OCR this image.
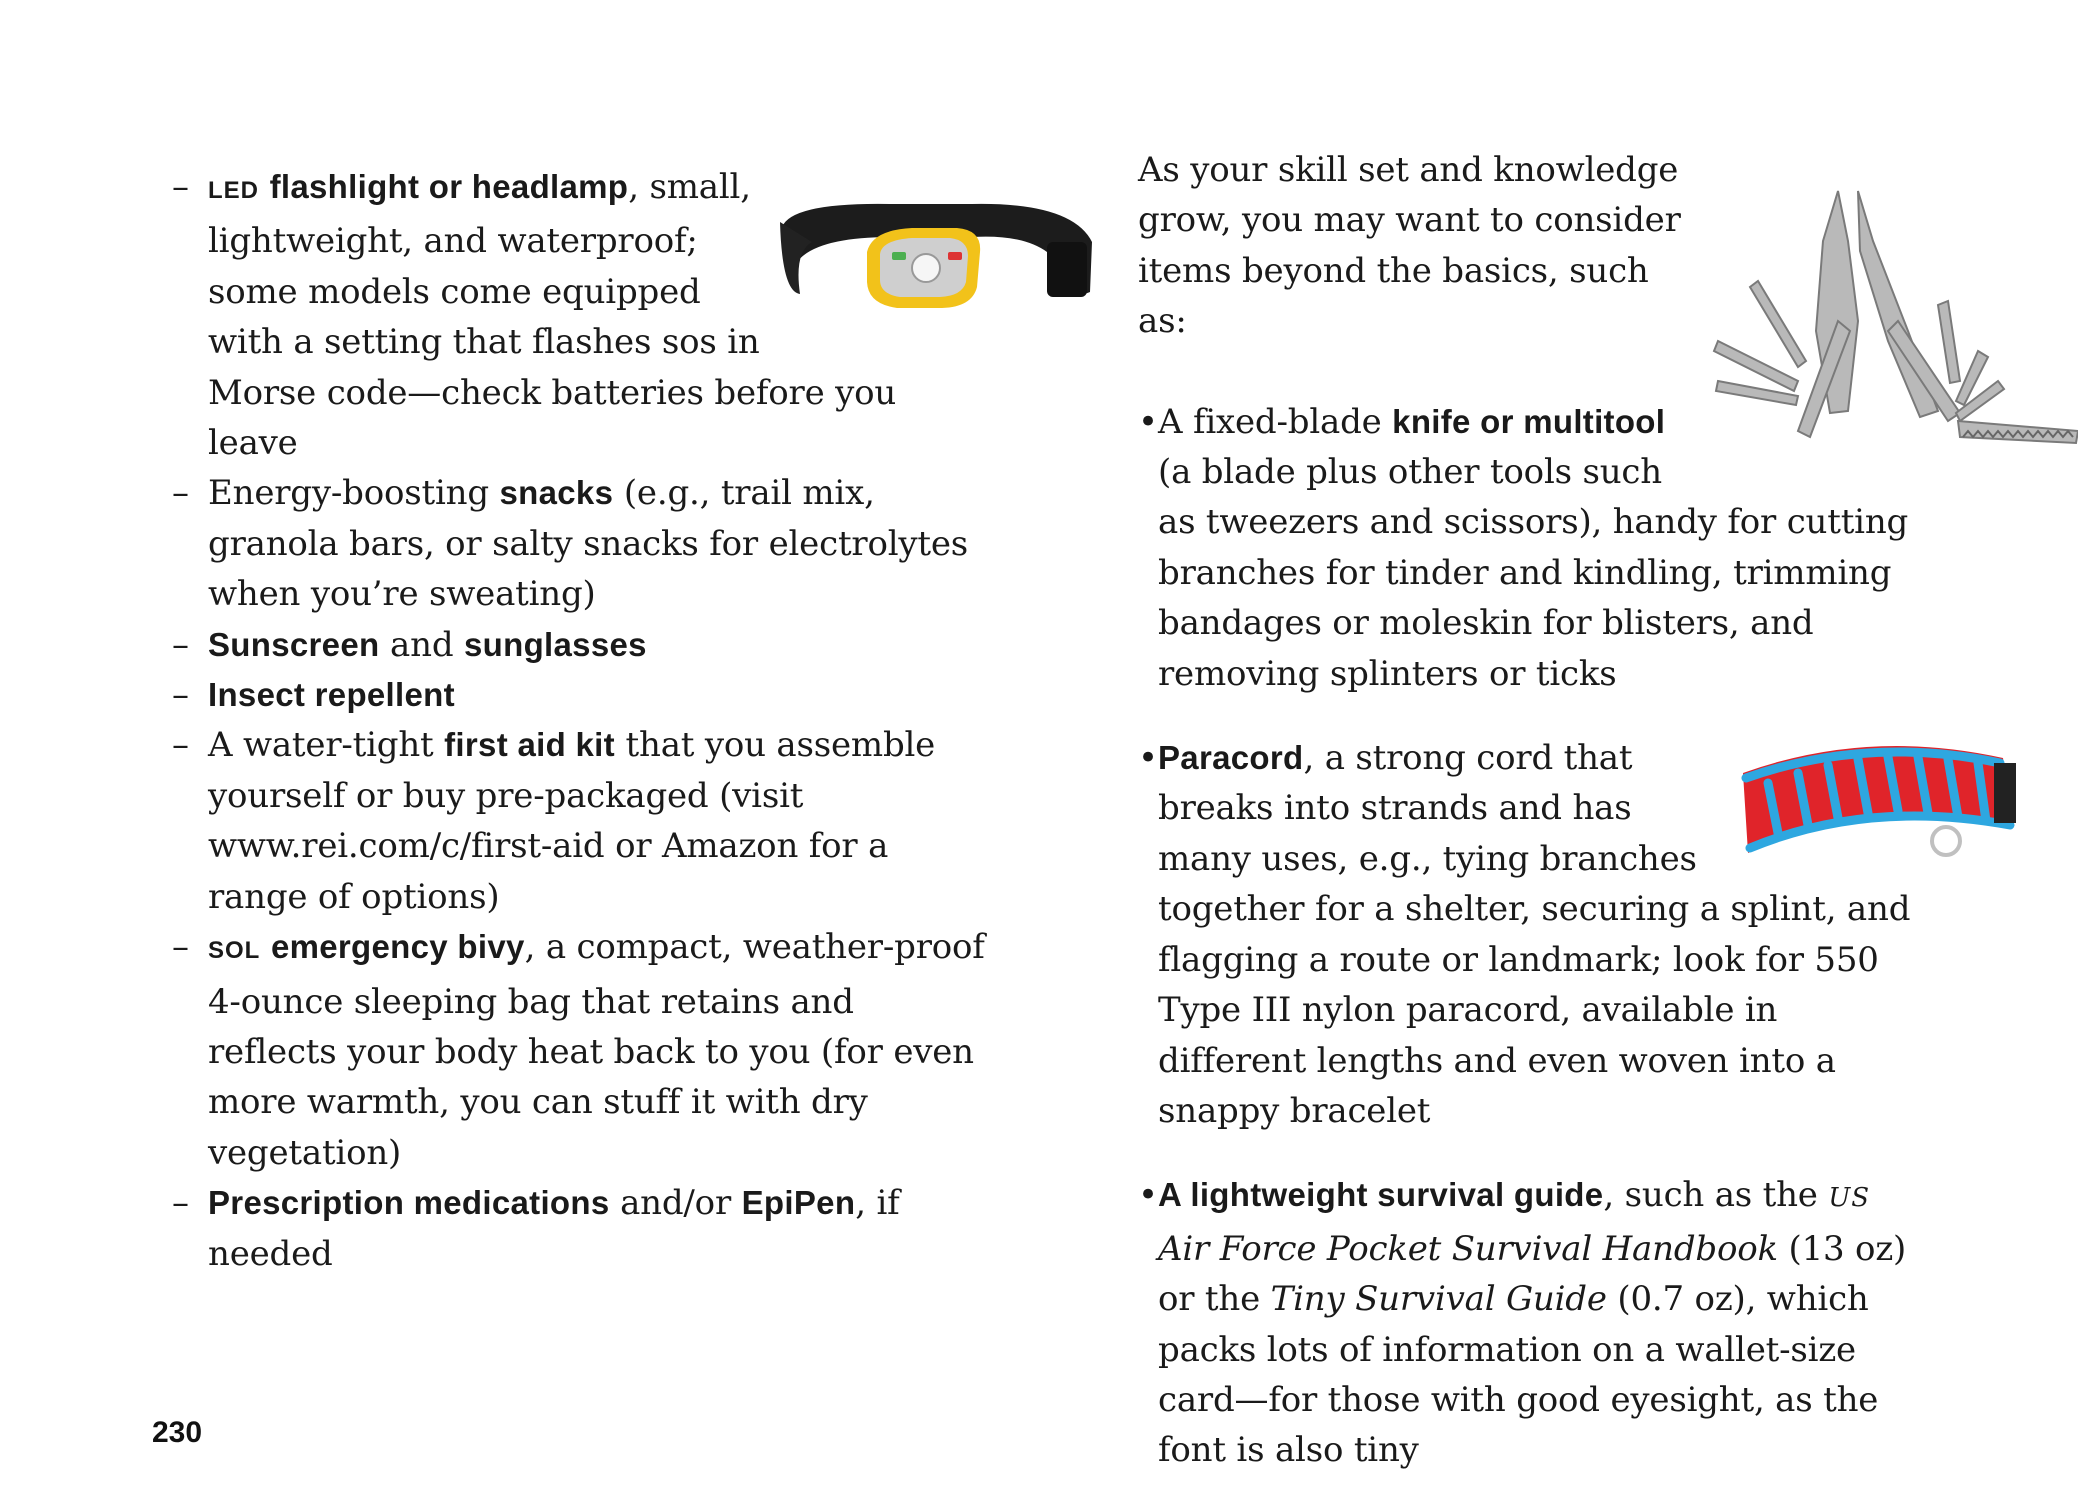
– LED flashlight or headlamp, small, lightweight, and waterproof; some models come equipped with a setting that flashes sos in Morse code—check batteries before you leave
– Energy-boosting snacks (e.g., trail mix, granola bars, or salty snacks for electrolytes when you’re sweating)
– Sunscreen and sunglasses
– Insect repellent
– A water-tight first aid kit that you assemble yourself or buy pre-packaged (visit www.rei.com/c/first-aid or Amazon for a range of options)
– SOL emergency bivy, a compact, weather-proof 4-ounce sleeping bag that retains and reflects your body heat back to you (for even more warmth, you can stuff it with dry vegetation)
– Prescription medications and/or EpiPen, if needed
As your skill set and knowledge grow, you may want to consider items beyond the basics, such as:
• A fixed-blade knife or multitool (a blade plus other tools such as tweezers and scissors), handy for cutting branches for tinder and kindling, trimming bandages or moleskin for blisters, and removing splinters or ticks
• Paracord, a strong cord that breaks into strands and has many uses, e.g., tying branches together for a shelter, securing a splint, and flagging a route or landmark; look for 550 Type III nylon paracord, available in different lengths and even woven into a snappy bracelet
• A lightweight survival guide, such as the US Air Force Pocket Survival Handbook (13 oz) or the Tiny Survival Guide (0.7 oz), which packs lots of information on a wallet-size card—for those with good eyesight, as the font is also tiny
230
